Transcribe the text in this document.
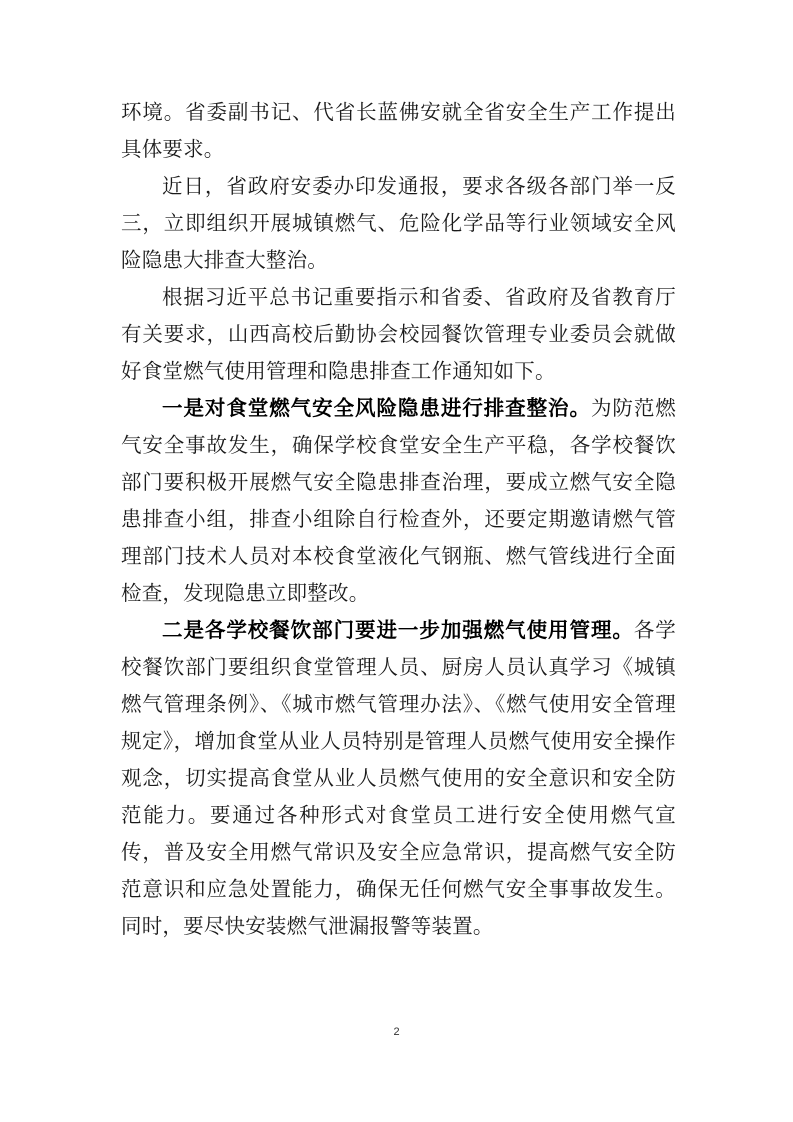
环境。省委副书记、代省长蓝佛安就全省安全生产工作提出具体要求。

近日，省政府安委办印发通报，要求各级各部门举一反三，立即组织开展城镇燃气、危险化学品等行业领域安全风险隐患大排查大整治。

根据习近平总书记重要指示和省委、省政府及省教育厅有关要求，山西高校后勤协会校园餐饮管理专业委员会就做好食堂燃气使用管理和隐患排查工作通知如下。

一是对食堂燃气安全风险隐患进行排查整治。为防范燃气安全事故发生，确保学校食堂安全生产平稳，各学校餐饮部门要积极开展燃气安全隐患排查治理，要成立燃气安全隐患排查小组，排查小组除自行检查外，还要定期邀请燃气管理部门技术人员对本校食堂液化气钢瓶、燃气管线进行全面检查，发现隐患立即整改。

二是各学校餐饮部门要进一步加强燃气使用管理。各学校餐饮部门要组织食堂管理人员、厨房人员认真学习《城镇燃气管理条例》、《城市燃气管理办法》、《燃气使用安全管理规定》，增加食堂从业人员特别是管理人员燃气使用安全操作观念，切实提高食堂从业人员燃气使用的安全意识和安全防范能力。要通过各种形式对食堂员工进行安全使用燃气宣传，普及安全用燃气常识及安全应急常识，提高燃气安全防范意识和应急处置能力，确保无任何燃气安全事事故发生。同时，要尽快安装燃气泄漏报警等装置。

2
